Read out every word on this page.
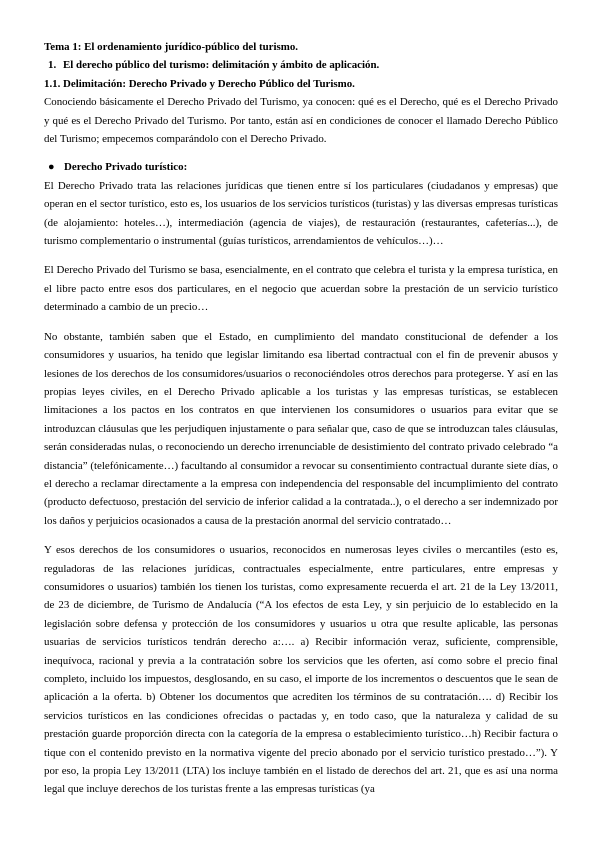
Tema 1: El ordenamiento jurídico-público del turismo.

1. El derecho público del turismo: delimitación y ámbito de aplicación.

1.1. Delimitación: Derecho Privado y Derecho Público del Turismo.

Conociendo básicamente el Derecho Privado del Turismo, ya conocen: qué es el Derecho, qué es el Derecho Privado y qué es el Derecho Privado del Turismo. Por tanto, están así en condiciones de conocer el llamado Derecho Público del Turismo; empecemos comparándolo con el Derecho Privado.

● Derecho Privado turístico:

El Derecho Privado trata las relaciones jurídicas que tienen entre sí los particulares (ciudadanos y empresas) que operan en el sector turístico, esto es, los usuarios de los servicios turísticos (turistas) y las diversas empresas turísticas (de alojamiento: hoteles…), intermediación (agencia de viajes), de restauración (restaurantes, cafeterías...), de turismo complementario o instrumental (guías turísticos, arrendamientos de vehículos…)…

El Derecho Privado del Turismo se basa, esencialmente, en el contrato que celebra el turista y la empresa turística, en el libre pacto entre esos dos particulares, en el negocio que acuerdan sobre la prestación de un servicio turístico determinado a cambio de un precio…

No obstante, también saben que el Estado, en cumplimiento del mandato constitucional de defender a los consumidores y usuarios, ha tenido que legislar limitando esa libertad contractual con el fin de prevenir abusos y lesiones de los derechos de los consumidores/usuarios o reconociéndoles otros derechos para protegerse. Y así en las propias leyes civiles, en el Derecho Privado aplicable a los turistas y las empresas turísticas, se establecen limitaciones a los pactos en los contratos en que intervienen los consumidores o usuarios para evitar que se introduzcan cláusulas que les perjudiquen injustamente o para señalar que, caso de que se introduzcan tales cláusulas, serán consideradas nulas, o reconociendo un derecho irrenunciable de desistimiento del contrato privado celebrado “a distancia” (telefónicamente…) facultando al consumidor a revocar su consentimiento contractual durante siete días, o el derecho a reclamar directamente a la empresa con independencia del responsable del incumplimiento del contrato (producto defectuoso, prestación del servicio de inferior calidad a la contratada..), o el derecho a ser indemnizado por los daños y perjuicios ocasionados a causa de la prestación anormal del servicio contratado…

Y esos derechos de los consumidores o usuarios, reconocidos en numerosas leyes civiles o mercantiles (esto es, reguladoras de las relaciones jurídicas, contractuales especialmente, entre particulares, entre empresas y consumidores o usuarios) también los tienen los turistas, como expresamente recuerda el art. 21 de la Ley 13/2011, de 23 de diciembre, de Turismo de Andalucía (“A los efectos de esta Ley, y sin perjuicio de lo establecido en la legislación sobre defensa y protección de los consumidores y usuarios u otra que resulte aplicable, las personas usuarias de servicios turísticos tendrán derecho a:…. a) Recibir información veraz, suficiente, comprensible, inequívoca, racional y previa a la contratación sobre los servicios que les oferten, así como sobre el precio final completo, incluido los impuestos, desglosando, en su caso, el importe de los incrementos o descuentos que le sean de aplicación a la oferta. b) Obtener los documentos que acrediten los términos de su contratación…. d) Recibir los servicios turísticos en las condiciones ofrecidas o pactadas y, en todo caso, que la naturaleza y calidad de su prestación guarde proporción directa con la categoría de la empresa o establecimiento turístico…h) Recibir factura o tique con el contenido previsto en la normativa vigente del precio abonado por el servicio turístico prestado…”). Y por eso, la propia Ley 13/2011 (LTA) los incluye también en el listado de derechos del art. 21, que es así una norma legal que incluye derechos de los turistas frente a las empresas turísticas (ya
